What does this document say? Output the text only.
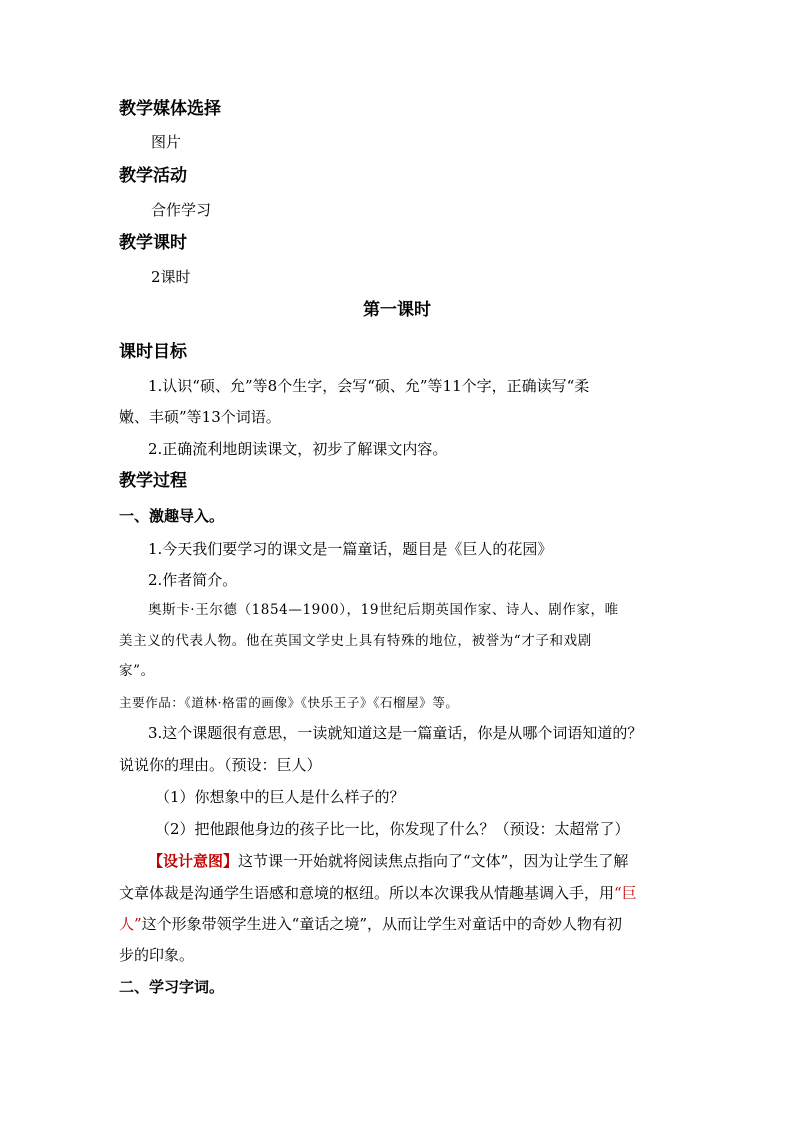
教学媒体选择
图片
教学活动
合作学习
教学课时
2课时
第一课时
课时目标
1.认识“硕、允”等8个生字，会写“硕、允”等11个字，正确读写“柔
嫩、丰硕”等13个词语。
2.正确流利地朗读课文，初步了解课文内容。
教学过程
一、激趣导入。
1.今天我们要学习的课文是一篇童话，题目是《巨人的花园》
2.作者简介。
奥斯卡·王尔德（1854—1900），19世纪后期英国作家、诗人、剧作家，唯
美主义的代表人物。他在英国文学史上具有特殊的地位，被誉为“才子和戏剧
家”。
主要作品：《道林·格雷的画像》《快乐王子》《石榴屋》等。
3.这个课题很有意思，一读就知道这是一篇童话，你是从哪个词语知道的？
说说你的理由。（预设：巨人）
（1）你想象中的巨人是什么样子的？
（2）把他跟他身边的孩子比一比，你发现了什么？（预设：太超常了）
【设计意图】这节课一开始就将阅读焦点指向了“文体”，因为让学生了解
文章体裁是沟通学生语感和意境的枢纽。所以本次课我从情趣基调入手，用“巨
人”这个形象带领学生进入“童话之境”，从而让学生对童话中的奇妙人物有初
步的印象。
二、学习字词。
